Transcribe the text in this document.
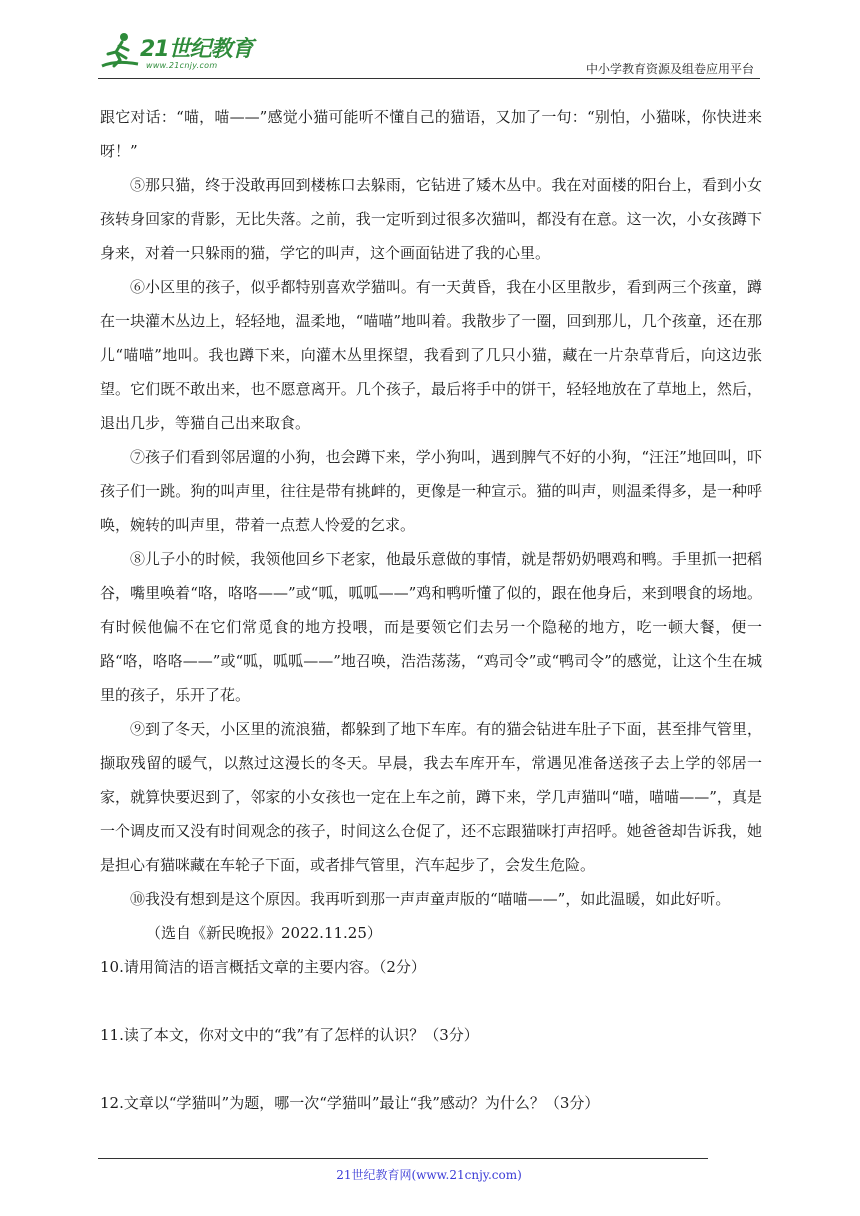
21世纪教育
www.21cnjy.com	中小学教育资源及组卷应用平台

跟它对话：“喵，喵——”感觉小猫可能听不懂自己的猫语，又加了一句：“别怕，小猫咪，你快进来呀！”

⑤那只猫，终于没敢再回到楼栋口去躲雨，它钻进了矮木丛中。我在对面楼的阳台上，看到小女孩转身回家的背影，无比失落。之前，我一定听到过很多次猫叫，都没有在意。这一次，小女孩蹲下身来，对着一只躲雨的猫，学它的叫声，这个画面钻进了我的心里。

⑥小区里的孩子，似乎都特别喜欢学猫叫。有一天黄昏，我在小区里散步，看到两三个孩童，蹲在一块灌木丛边上，轻轻地，温柔地，“喵喵”地叫着。我散步了一圈，回到那儿，几个孩童，还在那儿“喵喵”地叫。我也蹲下来，向灌木丛里探望，我看到了几只小猫，藏在一片杂草背后，向这边张望。它们既不敢出来，也不愿意离开。几个孩子，最后将手中的饼干，轻轻地放在了草地上，然后，退出几步，等猫自己出来取食。

⑦孩子们看到邻居遛的小狗，也会蹲下来，学小狗叫，遇到脾气不好的小狗，“汪汪”地回叫，吓孩子们一跳。狗的叫声里，往往是带有挑衅的，更像是一种宣示。猫的叫声，则温柔得多，是一种呼唤，婉转的叫声里，带着一点惹人怜爱的乞求。

⑧儿子小的时候，我领他回乡下老家，他最乐意做的事情，就是帮奶奶喂鸡和鸭。手里抓一把稻谷，嘴里唤着“咯，咯咯——”或“呱，呱呱——”鸡和鸭听懂了似的，跟在他身后，来到喂食的场地。有时候他偏不在它们常觅食的地方投喂，而是要领它们去另一个隐秘的地方，吃一顿大餐，便一路“咯，咯咯——”或“呱，呱呱——”地召唤，浩浩荡荡，“鸡司令”或“鸭司令”的感觉，让这个生在城里的孩子，乐开了花。

⑨到了冬天，小区里的流浪猫，都躲到了地下车库。有的猫会钻进车肚子下面，甚至排气管里，撷取残留的暖气，以熬过这漫长的冬天。早晨，我去车库开车，常遇见准备送孩子去上学的邻居一家，就算快要迟到了，邻家的小女孩也一定在上车之前，蹲下来，学几声猫叫“喵，喵喵——”，真是一个调皮而又没有时间观念的孩子，时间这么仓促了，还不忘跟猫咪打声招呼。她爸爸却告诉我，她是担心有猫咪藏在车轮子下面，或者排气管里，汽车起步了，会发生危险。

⑩我没有想到是这个原因。我再听到那一声声童声版的“喵喵——”，如此温暖，如此好听。

（选自《新民晚报》2022.11.25）

10.请用简洁的语言概括文章的主要内容。（2分）

11.读了本文，你对文中的“我”有了怎样的认识？（3分）

12.文章以“学猫叫”为题，哪一次“学猫叫”最让“我”感动？为什么？（3分）

21世纪教育网(www.21cnjy.com)
